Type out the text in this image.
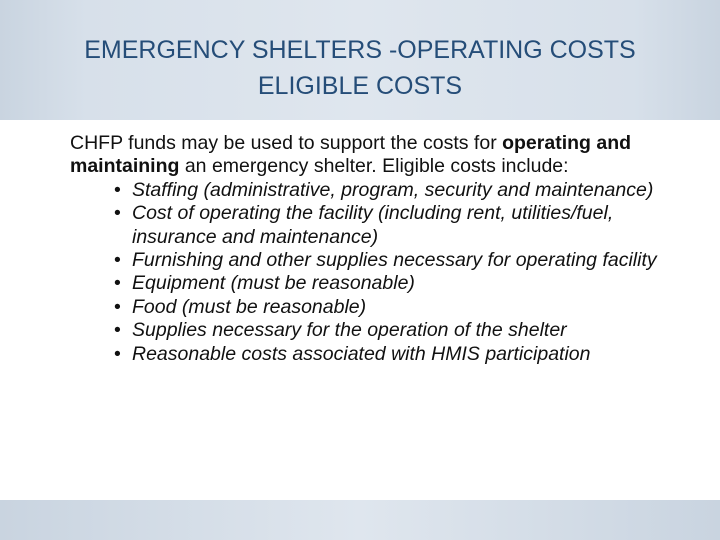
EMERGENCY SHELTERS -OPERATING COSTS
ELIGIBLE COSTS

CHFP funds may be used to support the costs for operating and maintaining an emergency shelter. Eligible costs include:

• Staffing (administrative, program, security and maintenance)
• Cost of operating the facility (including rent, utilities/fuel, insurance and maintenance)
• Furnishing and other supplies necessary for operating facility
• Equipment (must be reasonable)
• Food (must be reasonable)
• Supplies necessary for the operation of the shelter
• Reasonable costs associated with HMIS participation
